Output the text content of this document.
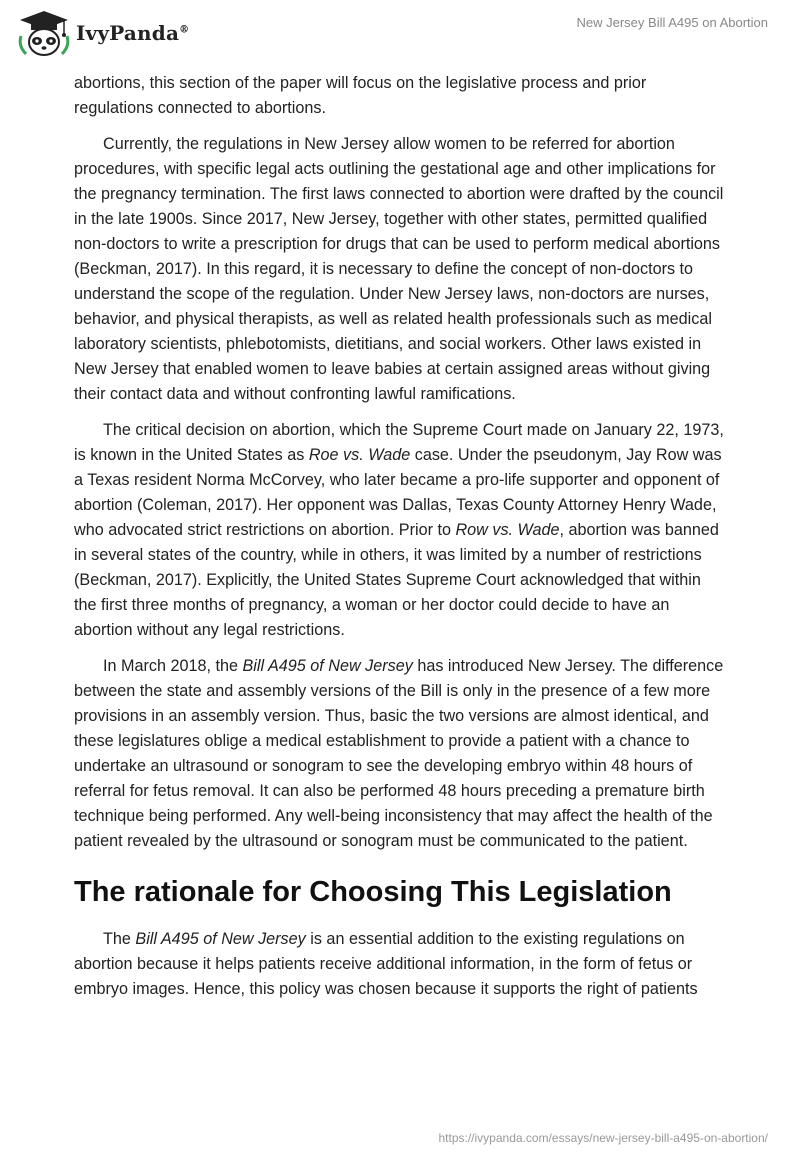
IvyPanda®	New Jersey Bill A495 on Abortion

abortions, this section of the paper will focus on the legislative process and prior regulations connected to abortions.

Currently, the regulations in New Jersey allow women to be referred for abortion procedures, with specific legal acts outlining the gestational age and other implications for the pregnancy termination. The first laws connected to abortion were drafted by the council in the late 1900s. Since 2017, New Jersey, together with other states, permitted qualified non-doctors to write a prescription for drugs that can be used to perform medical abortions (Beckman, 2017). In this regard, it is necessary to define the concept of non-doctors to understand the scope of the regulation. Under New Jersey laws, non-doctors are nurses, behavior, and physical therapists, as well as related health professionals such as medical laboratory scientists, phlebotomists, dietitians, and social workers. Other laws existed in New Jersey that enabled women to leave babies at certain assigned areas without giving their contact data and without confronting lawful ramifications.

The critical decision on abortion, which the Supreme Court made on January 22, 1973, is known in the United States as Roe vs. Wade case. Under the pseudonym, Jay Row was a Texas resident Norma McCorvey, who later became a pro-life supporter and opponent of abortion (Coleman, 2017). Her opponent was Dallas, Texas County Attorney Henry Wade, who advocated strict restrictions on abortion. Prior to Row vs. Wade, abortion was banned in several states of the country, while in others, it was limited by a number of restrictions (Beckman, 2017). Explicitly, the United States Supreme Court acknowledged that within the first three months of pregnancy, a woman or her doctor could decide to have an abortion without any legal restrictions.

In March 2018, the Bill A495 of New Jersey has introduced New Jersey. The difference between the state and assembly versions of the Bill is only in the presence of a few more provisions in an assembly version. Thus, basic the two versions are almost identical, and these legislatures oblige a medical establishment to provide a patient with a chance to undertake an ultrasound or sonogram to see the developing embryo within 48 hours of referral for fetus removal. It can also be performed 48 hours preceding a premature birth technique being performed. Any well-being inconsistency that may affect the health of the patient revealed by the ultrasound or sonogram must be communicated to the patient.

The rationale for Choosing This Legislation

The Bill A495 of New Jersey is an essential addition to the existing regulations on abortion because it helps patients receive additional information, in the form of fetus or embryo images. Hence, this policy was chosen because it supports the right of patients

https://ivypanda.com/essays/new-jersey-bill-a495-on-abortion/
